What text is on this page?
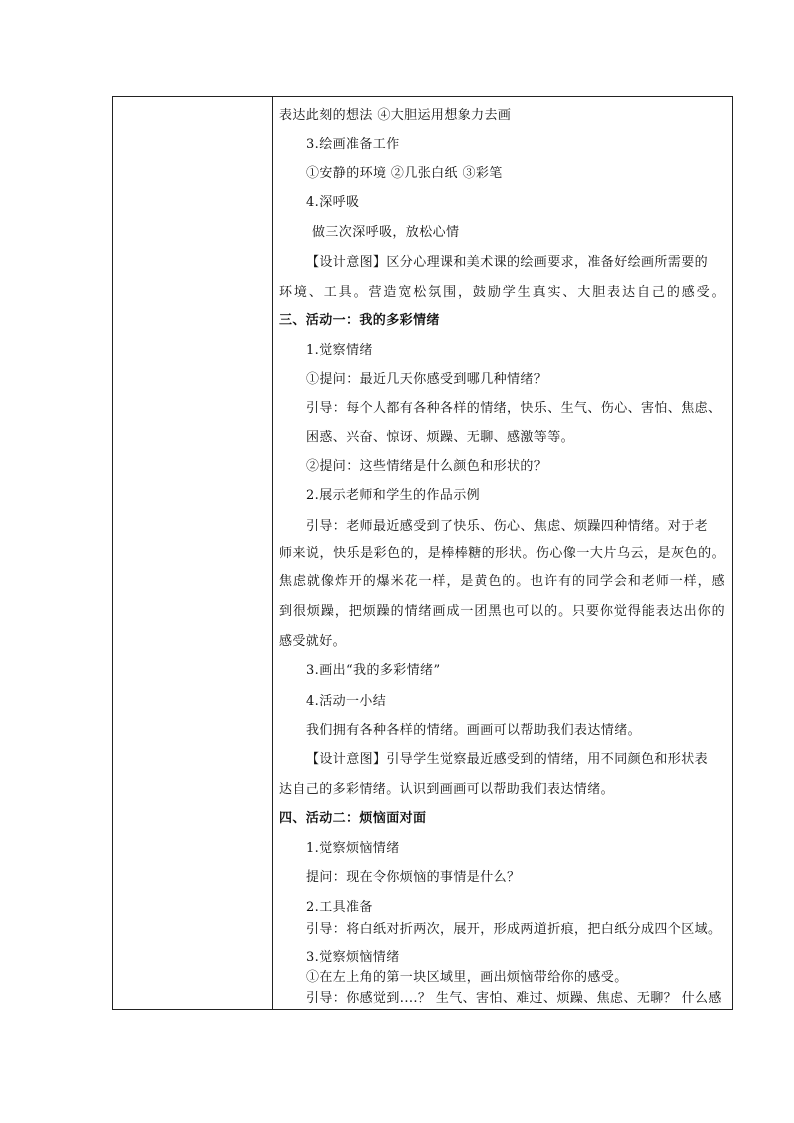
表达此刻的想法 ④大胆运用想象力去画
3.绘画准备工作
①安静的环境 ②几张白纸 ③彩笔
4.深呼吸
做三次深呼吸，放松心情
【设计意图】区分心理课和美术课的绘画要求，准备好绘画所需要的
环境、工具。营造宽松氛围，鼓励学生真实、大胆表达自己的感受。
三、活动一：我的多彩情绪
1.觉察情绪
①提问：最近几天你感受到哪几种情绪？
引导：每个人都有各种各样的情绪，快乐、生气、伤心、害怕、焦虑、
困惑、兴奋、惊讶、烦躁、无聊、感激等等。
②提问：这些情绪是什么颜色和形状的？
2.展示老师和学生的作品示例
引导：老师最近感受到了快乐、伤心、焦虑、烦躁四种情绪。对于老
师来说，快乐是彩色的，是棒棒糖的形状。伤心像一大片乌云，是灰色的。
焦虑就像炸开的爆米花一样，是黄色的。也许有的同学会和老师一样，感
到很烦躁，把烦躁的情绪画成一团黑也可以的。只要你觉得能表达出你的
感受就好。
3.画出“我的多彩情绪”
4.活动一小结
我们拥有各种各样的情绪。画画可以帮助我们表达情绪。
【设计意图】引导学生觉察最近感受到的情绪，用不同颜色和形状表
达自己的多彩情绪。认识到画画可以帮助我们表达情绪。
四、活动二：烦恼面对面
1.觉察烦恼情绪
提问：现在令你烦恼的事情是什么？
2.工具准备
引导：将白纸对折两次，展开，形成两道折痕，把白纸分成四个区域。
3.觉察烦恼情绪
①在左上角的第一块区域里，画出烦恼带给你的感受。
引导：你感觉到....？ 生气、害怕、难过、烦躁、焦虑、无聊？ 什么感
